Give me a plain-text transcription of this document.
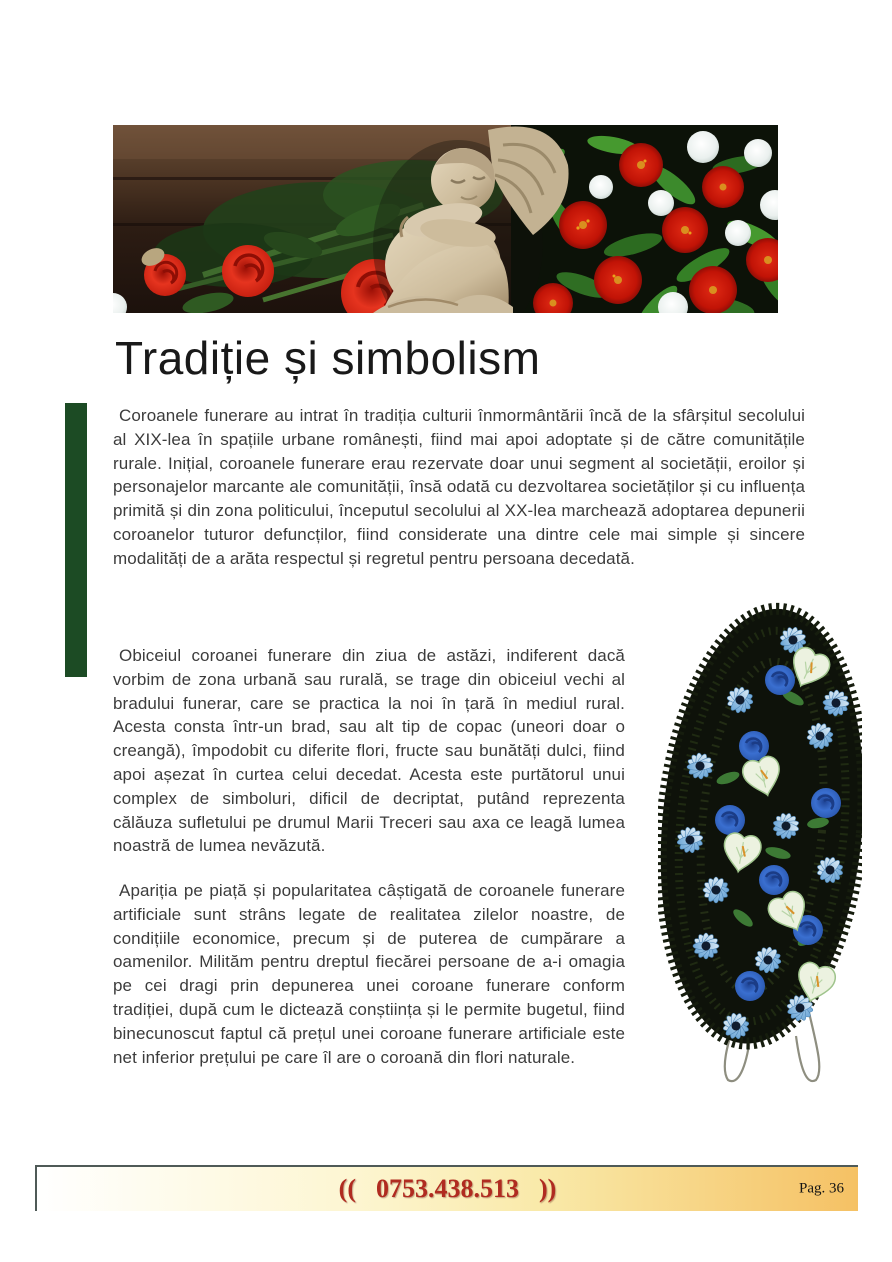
Tradiție și simbolism

Coroanele funerare au intrat în tradiția culturii înmormântării încă de la sfârșitul secolului al XIX-lea în spațiile urbane românești, fiind mai apoi adoptate și de către comunitățile rurale. Inițial, coroanele funerare erau rezervate doar unui segment al societății, eroilor și personajelor marcante ale comunității, însă odată cu dezvoltarea societăților și cu influența primită și din zona politicului, începutul secolului al XX-lea marchează adoptarea depunerii coroanelor tuturor defuncților, fiind considerate una dintre cele mai simple și sincere modalități de a arăta respectul și regretul pentru persoana decedată.

Obiceiul coroanei funerare din ziua de astăzi, indiferent dacă vorbim de zona urbană sau rurală, se trage din obiceiul vechi al bradului funerar, care se practica la noi în țară în mediul rural. Acesta consta într-un brad, sau alt tip de copac (uneori doar o creangă), împodobit cu diferite flori, fructe sau bunătăți dulci, fiind apoi așezat în curtea celui decedat. Acesta este purtătorul unui complex de simboluri, dificil de decriptat, putând reprezenta călăuza sufletului pe drumul Marii Treceri sau axa ce leagă lumea noastră de lumea nevăzută.

Apariția pe piață și popularitatea câștigată de coroanele funerare artificiale sunt strâns legate de realitatea zilelor noastre, de condițiile economice, precum și de puterea de cumpărare a oamenilor. Milităm pentru dreptul fiecărei persoane de a-i omagia pe cei dragi prin depunerea unei coroane funerare conform tradiției, după cum le dictează conștiința și le permite bugetul, fiind binecunoscut faptul că prețul unei coroane funerare artificiale este net inferior prețului pe care îl are o coroană din flori naturale.

(( 0753.438.513 ))	Pag. 36
